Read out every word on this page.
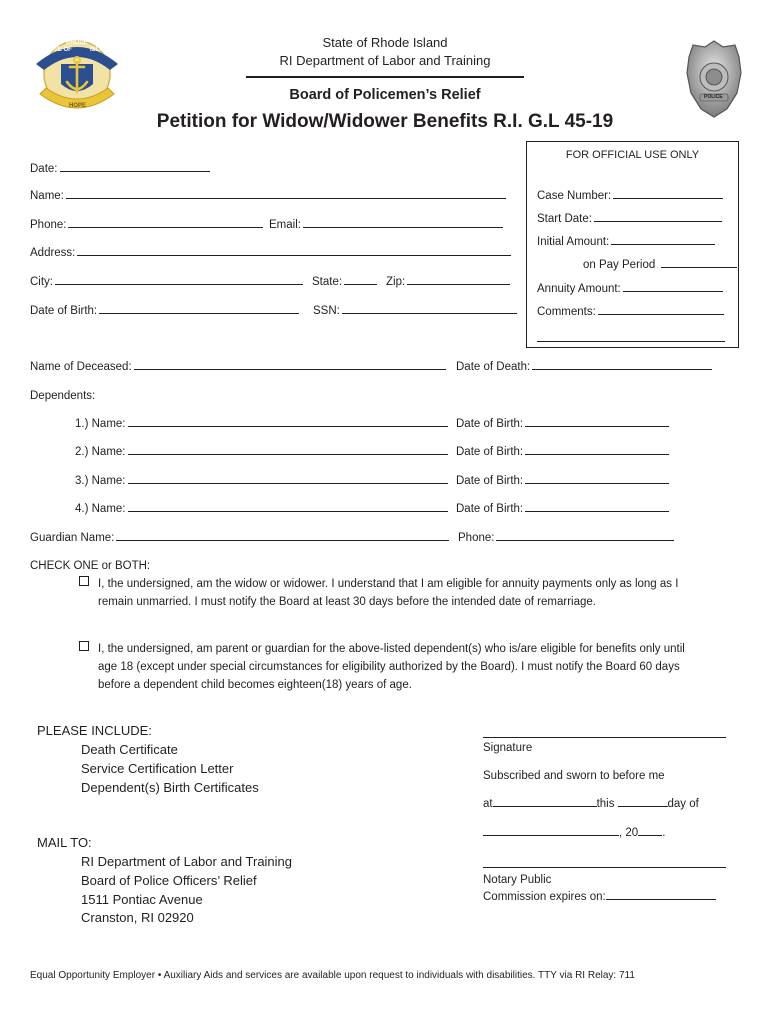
RHODE
STATE OF	ISLAND
HOPE
POLICE
State of Rhode Island
RI Department of Labor and Training
Board of Policemen’s Relief
Petition for Widow/Widower Benefits R.I. G.L 45-19
FOR OFFICIAL USE ONLY
Case Number:
Start Date:
Initial Amount:
on Pay Period
Annuity Amount:
Comments:
Date:
Name:
Phone:	Email:
Address:
City:	State:	Zip:
Date of Birth:	SSN:
Name of Deceased:	Date of Death:
Dependents:
1.) Name:	Date of Birth:
2.) Name:	Date of Birth:
3.) Name:	Date of Birth:
4.) Name:	Date of Birth:
Guardian Name:	Phone:
CHECK ONE or BOTH:
I, the undersigned, am the widow or widower. I understand that I am eligible for annuity payments only as long as I
remain unmarried. I must notify the Board at least 30 days before the intended date of remarriage.
I, the undersigned, am parent or guardian for the above-listed dependent(s) who is/are eligible for benefits only until
age 18 (except under special circumstances for eligibility authorized by the Board). I must notify the Board 60 days
before a dependent child becomes eighteen(18) years of age.
PLEASE INCLUDE:
Death Certificate
Service Certification Letter
Dependent(s) Birth Certificates
MAIL TO:
RI Department of Labor and Training
Board of Police Officers’ Relief
1511 Pontiac Avenue
Cranston, RI 02920
Signature
Subscribed and sworn to before me
at	this	day of
, 20 .
Notary Public
Commission expires on:
Equal Opportunity Employer • Auxiliary Aids and services are available upon request to individuals with disabilities. TTY via RI Relay: 711
